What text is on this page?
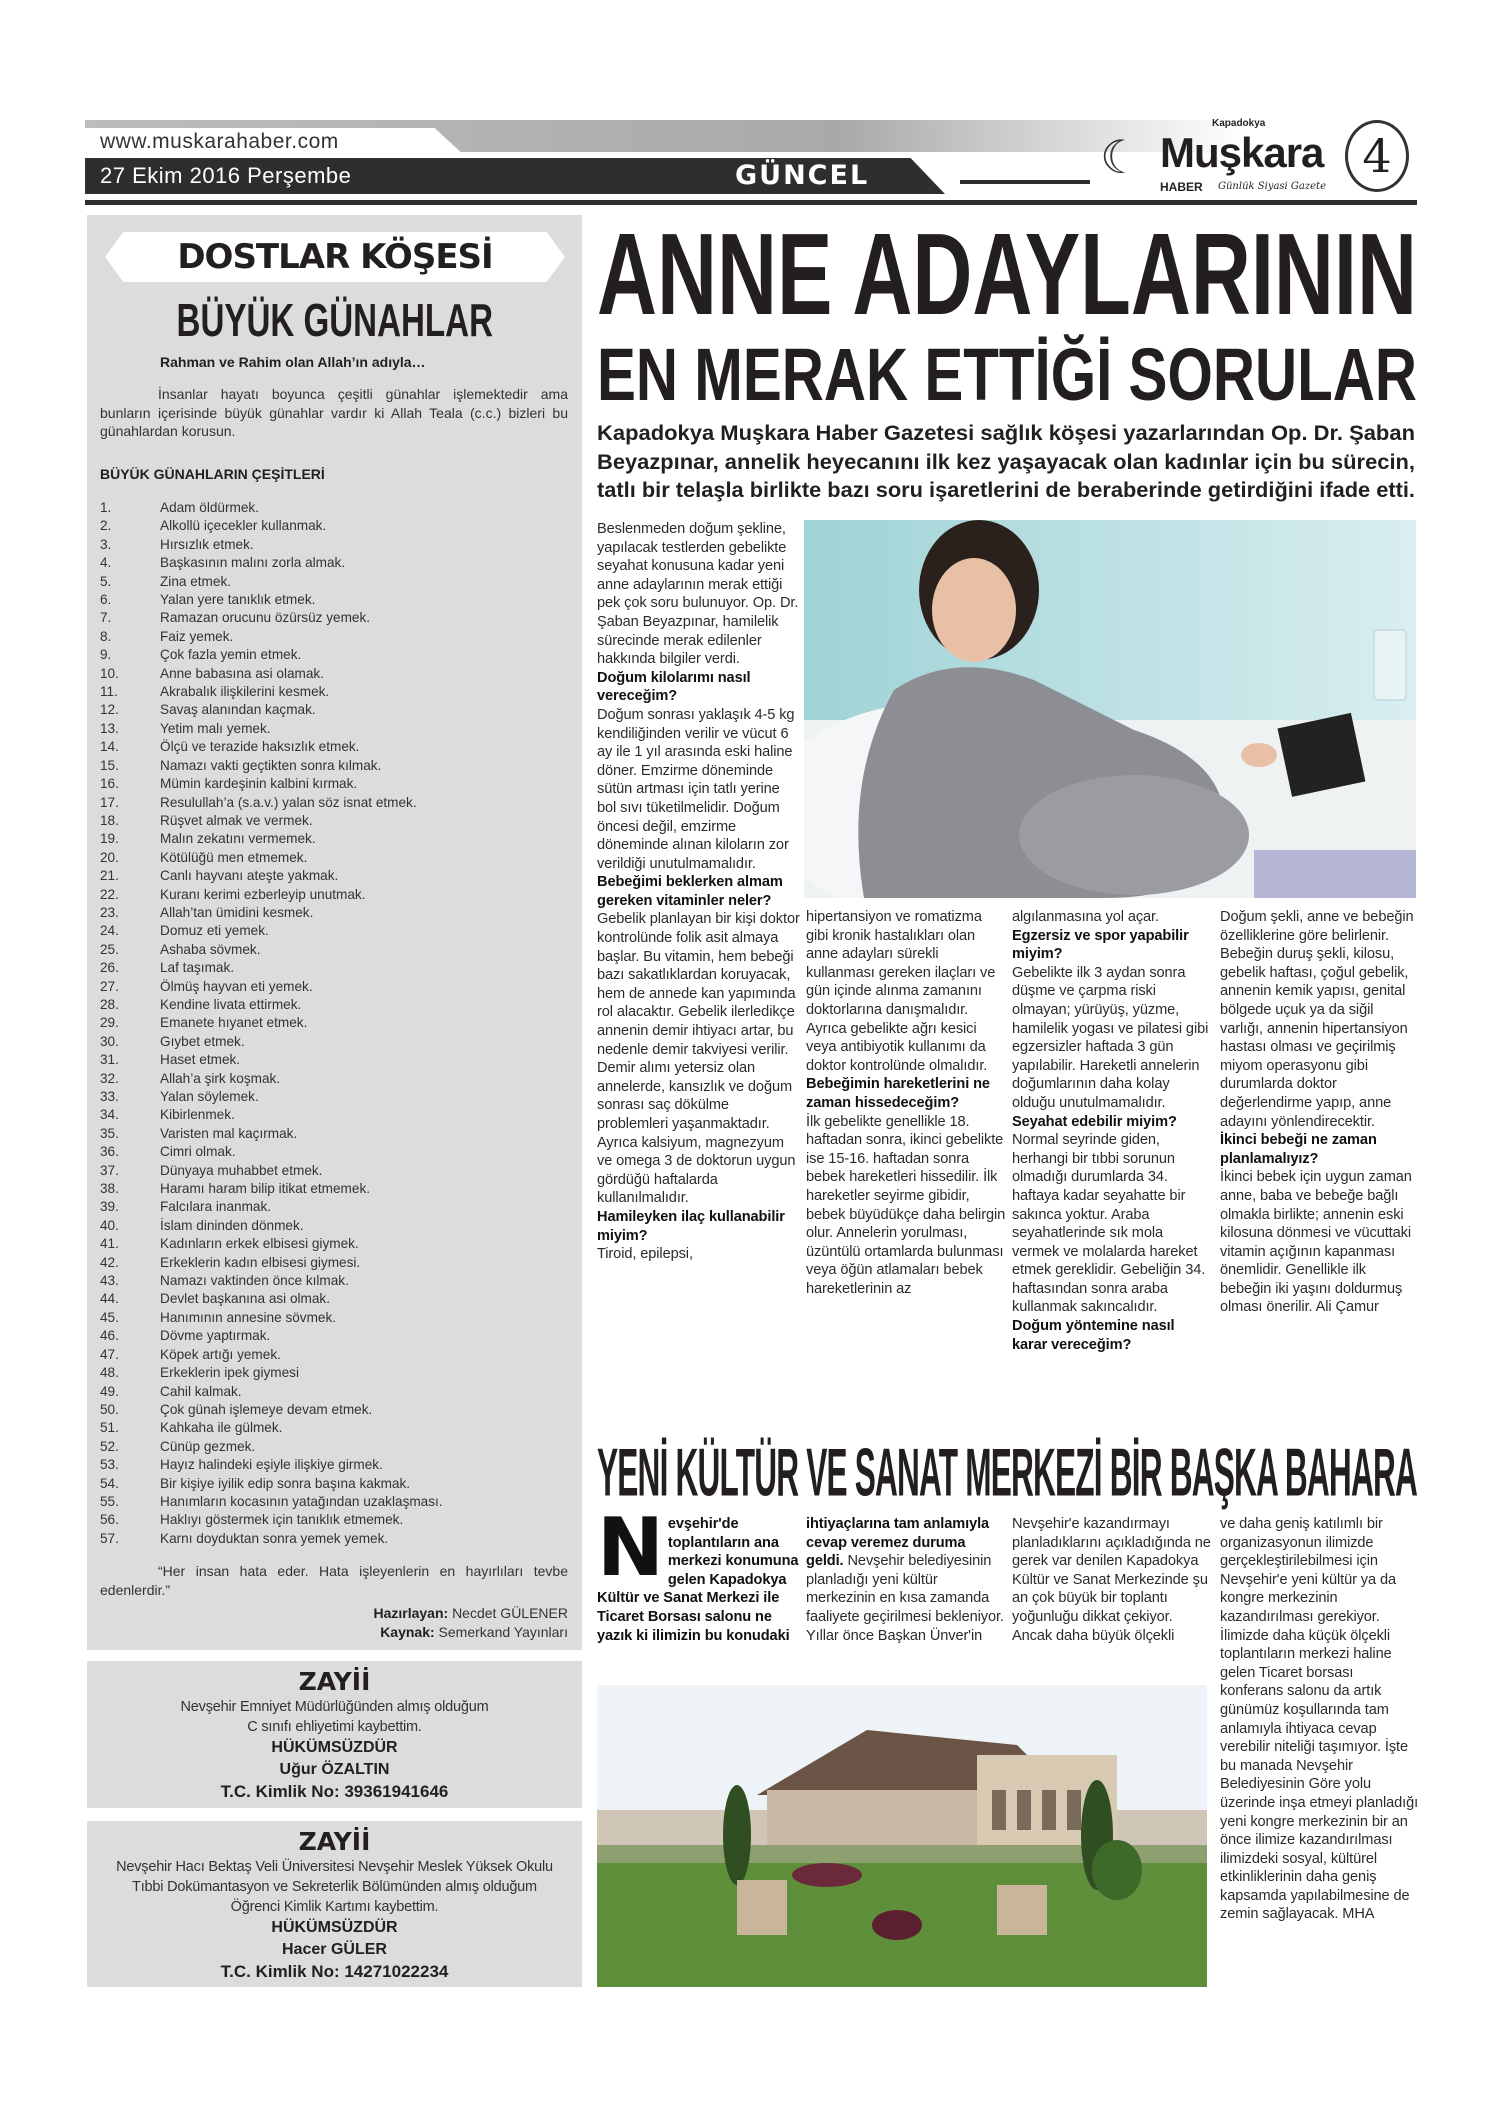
www.muskarahaber.com
27 Ekim 2016 Perşembe	GÜNCEL	☾
Kapadokya
Muşkara
HABER Günlük Siyasi Gazete
4
DOSTLAR KÖŞESİ
BÜYÜK GÜNAHLAR
Rahman ve Rahim olan Allah’ın adıyla…
İnsanlar hayatı boyunca çeşitli günahlar işlemektedir ama bunların içerisinde büyük günahlar vardır ki Allah Teala (c.c.) bizleri bu günahlardan korusun.
BÜYÜK GÜNAHLARIN ÇEŞİTLERİ
1.	Adam öldürmek.
2.	Alkollü içecekler kullanmak.
3.	Hırsızlık etmek.
4.	Başkasının malını zorla almak.
5.	Zina etmek.
6.	Yalan yere tanıklık etmek.
7.	Ramazan orucunu özürsüz yemek.
8.	Faiz yemek.
9.	Çok fazla yemin etmek.
10.	Anne babasına asi olamak.
11.	Akrabalık ilişkilerini kesmek.
12.	Savaş alanından kaçmak.
13.	Yetim malı yemek.
14.	Ölçü ve terazide haksızlık etmek.
15.	Namazı vakti geçtikten sonra kılmak.
16.	Mümin kardeşinin kalbini kırmak.
17.	Resulullah’a (s.a.v.) yalan söz isnat etmek.
18.	Rüşvet almak ve vermek.
19.	Malın zekatını vermemek.
20.	Kötülüğü men etmemek.
21.	Canlı hayvanı ateşte yakmak.
22.	Kuranı kerimi ezberleyip unutmak.
23.	Allah’tan ümidini kesmek.
24.	Domuz eti yemek.
25.	Ashaba sövmek.
26.	Laf taşımak.
27.	Ölmüş hayvan eti yemek.
28.	Kendine livata ettirmek.
29.	Emanete hıyanet etmek.
30.	Gıybet etmek.
31.	Haset etmek.
32.	Allah’a şirk koşmak.
33.	Yalan söylemek.
34.	Kibirlenmek.
35.	Varisten mal kaçırmak.
36.	Cimri olmak.
37.	Dünyaya muhabbet etmek.
38.	Haramı haram bilip itikat etmemek.
39.	Falcılara inanmak.
40.	İslam dininden dönmek.
41.	Kadınların erkek elbisesi giymek.
42.	Erkeklerin kadın elbisesi giymesi.
43.	Namazı vaktinden önce kılmak.
44.	Devlet başkanına asi olmak.
45.	Hanımının annesine sövmek.
46.	Dövme yaptırmak.
47.	Köpek artığı yemek.
48.	Erkeklerin ipek giymesi
49.	Cahil kalmak.
50.	Çok günah işlemeye devam etmek.
51.	Kahkaha ile gülmek.
52.	Cünüp gezmek.
53.	Hayız halindeki eşiyle ilişkiye girmek.
54.	Bir kişiye iyilik edip sonra başına kakmak.
55.	Hanımların kocasının yatağından uzaklaşması.
56.	Haklıyı göstermek için tanıklık etmemek.
57.	Karnı doyduktan sonra yemek yemek.
“Her insan hata eder. Hata işleyenlerin en hayırlıları tevbe edenlerdir.”
Hazırlayan: Necdet GÜLENER
Kaynak: Semerkand Yayınları
ZAYİİ
Nevşehir Emniyet Müdürlüğünden almış olduğum
C sınıfı ehliyetimi kaybettim.
HÜKÜMSÜZDÜR
Uğur ÖZALTIN
T.C. Kimlik No: 39361941646
ZAYİİ
Nevşehir Hacı Bektaş Veli Üniversitesi Nevşehir Meslek Yüksek Okulu
Tıbbi Dokümantasyon ve Sekreterlik Bölümünden almış olduğum
Öğrenci Kimlik Kartımı kaybettim.
HÜKÜMSÜZDÜR
Hacer GÜLER
T.C. Kimlik No: 14271022234
ANNE ADAYLARININ
EN MERAK ETTİĞİ SORULAR
Kapadokya Muşkara Haber Gazetesi sağlık köşesi yazarlarından Op. Dr. Şaban
Beyazpınar, annelik heyecanını ilk kez yaşayacak olan kadınlar için bu sürecin,
tatlı bir telaşla birlikte bazı soru işaretlerini de beraberinde getirdiğini ifade etti.
Beslenmeden doğum şekline, yapılacak testlerden gebelikte seyahat konusuna kadar yeni anne adaylarının merak ettiği pek çok soru bulunuyor. Op. Dr. Şaban Beyazpınar, hamilelik sürecinde merak edilenler hakkında bilgiler verdi.
Doğum kilolarımı nasıl vereceğim?
Doğum sonrası yaklaşık 4-5 kg kendiliğinden verilir ve vücut 6 ay ile 1 yıl arasında eski haline döner. Emzirme döneminde sütün artması için tatlı yerine bol sıvı tüketilmelidir. Doğum öncesi değil, emzirme döneminde alınan kiloların zor verildiği unutulmamalıdır.
Bebeğimi beklerken almam gereken vitaminler neler?
Gebelik planlayan bir kişi doktor kontrolünde folik asit almaya başlar. Bu vitamin, hem bebeği bazı sakatlıklardan koruyacak, hem de annede kan yapımında rol alacaktır. Gebelik ilerledikçe annenin demir ihtiyacı artar, bu nedenle demir takviyesi verilir. Demir alımı yetersiz olan annelerde, kansızlık ve doğum sonrası saç dökülme problemleri yaşanmaktadır. Ayrıca kalsiyum, magnezyum ve omega 3 de doktorun uygun gördüğü haftalarda kullanılmalıdır.
Hamileyken ilaç kullanabilir miyim?
Tiroid, epilepsi,
hipertansiyon ve romatizma gibi kronik hastalıkları olan anne adayları sürekli kullanması gereken ilaçları ve gün içinde alınma zamanını doktorlarına danışmalıdır. Ayrıca gebelikte ağrı kesici veya antibiyotik kullanımı da doktor kontrolünde olmalıdır.
Bebeğimin hareketlerini ne zaman hissedeceğim?
İlk gebelikte genellikle 18. haftadan sonra, ikinci gebelikte ise 15-16. haftadan sonra bebek hareketleri hissedilir. İlk hareketler seyirme gibidir, bebek büyüdükçe daha belirgin olur. Annelerin yorulması, üzüntülü ortamlarda bulunması veya öğün atlamaları bebek hareketlerinin az
algılanmasına yol açar.
Egzersiz ve spor yapabilir miyim?
Gebelikte ilk 3 aydan sonra düşme ve çarpma riski olmayan; yürüyüş, yüzme, hamilelik yogası ve pilatesi gibi egzersizler haftada 3 gün yapılabilir. Hareketli annelerin doğumlarının daha kolay olduğu unutulmamalıdır.
Seyahat edebilir miyim?
Normal seyrinde giden, herhangi bir tıbbi sorunun olmadığı durumlarda 34. haftaya kadar seyahatte bir sakınca yoktur. Araba seyahatlerinde sık mola vermek ve molalarda hareket etmek gereklidir. Gebeliğin 34. haftasından sonra araba kullanmak sakıncalıdır.
Doğum yöntemine nasıl karar vereceğim?
Doğum şekli, anne ve bebeğin özelliklerine göre belirlenir. Bebeğin duruş şekli, kilosu, gebelik haftası, çoğul gebelik, annenin kemik yapısı, genital bölgede uçuk ya da siğil varlığı, annenin hipertansiyon hastası olması ve geçirilmiş miyom operasyonu gibi durumlarda doktor değerlendirme yapıp, anne adayını yönlendirecektir.
İkinci bebeği ne zaman planlamalıyız?
İkinci bebek için uygun zaman anne, baba ve bebeğe bağlı olmakla birlikte; annenin eski kilosuna dönmesi ve vücuttaki vitamin açığının kapanması önemlidir. Genellikle ilk bebeğin iki yaşını doldurmuş olması önerilir. Ali Çamur
YENİ KÜLTÜR VE SANAT MERKEZİ BİR BAŞKA BAHARA
Nevşehir'de toplantıların ana merkezi konumuna gelen Kapadokya Kültür ve Sanat Merkezi ile Ticaret Borsası salonu ne yazık ki ilimizin bu konudaki
ihtiyaçlarına tam anlamıyla cevap veremez duruma geldi. Nevşehir belediyesinin planladığı yeni kültür merkezinin en kısa zamanda faaliyete geçirilmesi bekleniyor. Yıllar önce Başkan Ünver'in
Nevşehir'e kazandırmayı planladıklarını açıkladığında ne gerek var denilen Kapadokya Kültür ve Sanat Merkezinde şu an çok büyük bir toplantı yoğunluğu dikkat çekiyor. Ancak daha büyük ölçekli
ve daha geniş katılımlı bir organizasyonun ilimizde gerçekleştirilebilmesi için Nevşehir'e yeni kültür ya da kongre merkezinin kazandırılması gerekiyor. İlimizde daha küçük ölçekli toplantıların merkezi haline gelen Ticaret borsası konferans salonu da artık günümüz koşullarında tam anlamıyla ihtiyaca cevap verebilir niteliği taşımıyor. İşte bu manada Nevşehir Belediyesinin Göre yolu üzerinde inşa etmeyi planladığı yeni kongre merkezinin bir an önce ilimize kazandırılması ilimizdeki sosyal, kültürel etkinliklerinin daha geniş kapsamda yapılabilmesine de zemin sağlayacak. MHA
